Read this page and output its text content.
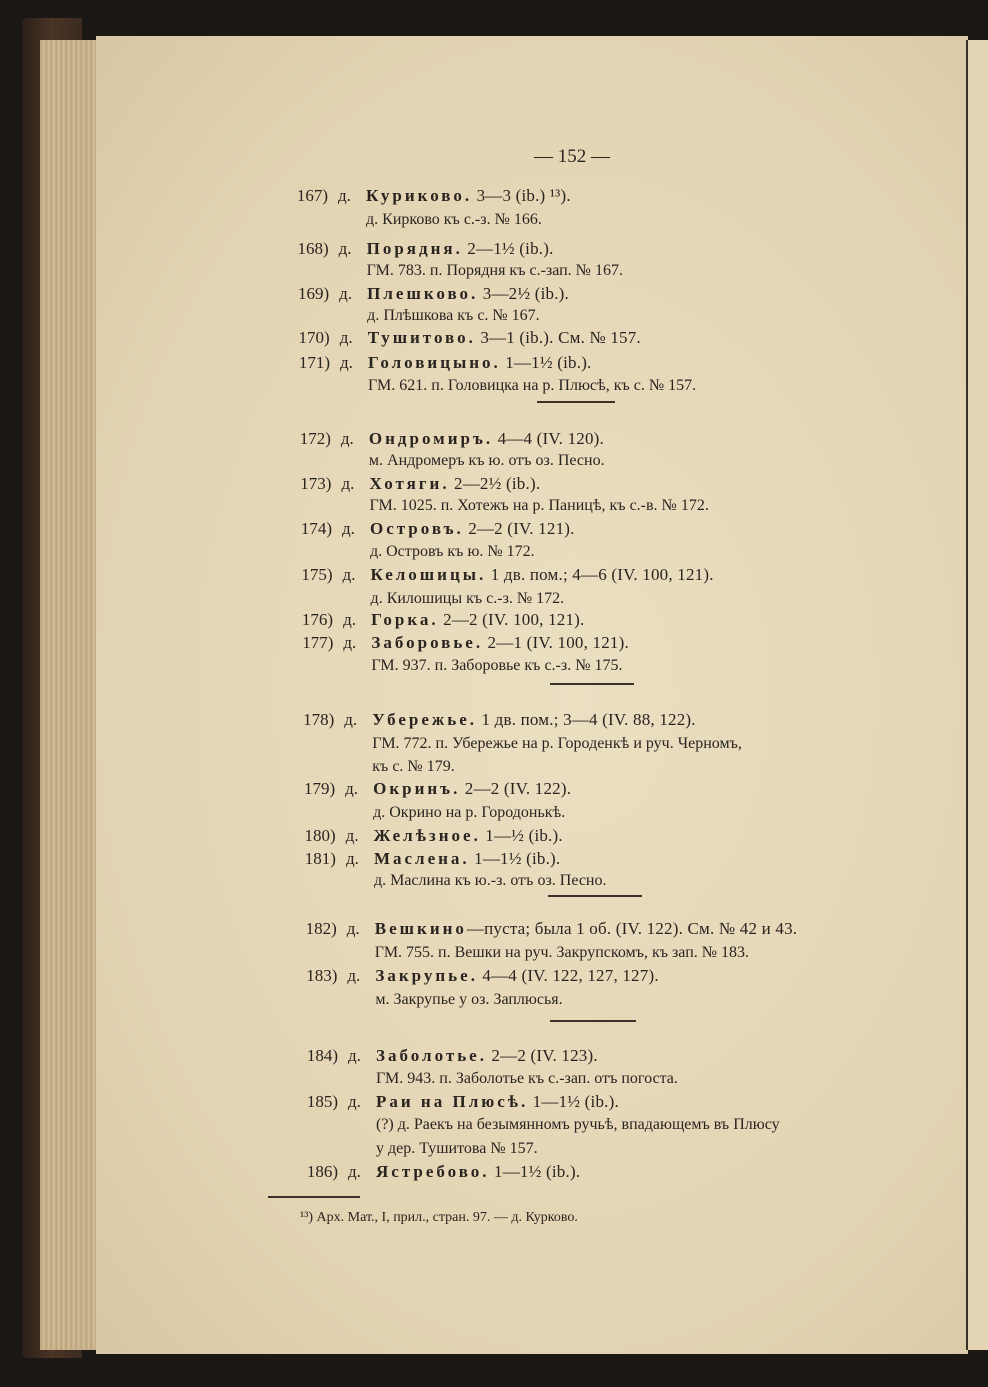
— 152 —
167) д. Куриково. 3—3 (ib.) ¹³).
д. Кирково къ с.-з. № 166.
168) д. Порядня. 2—1½ (ib.).
ГМ. 783. п. Порядня къ с.-зап. № 167.
169) д. Плешково. 3—2½ (ib.).
д. Плѣшкова къ с. № 167.
170) д. Тушитово. 3—1 (ib.). См. № 157.
171) д. Головицыно. 1—1½ (ib.).
ГМ. 621. п. Головицка на р. Плюсѣ, къ с. № 157.
172) д. Ондромиръ. 4—4 (IV. 120).
м. Андромеръ къ ю. отъ оз. Песно.
173) д. Хотяги. 2—2½ (ib.).
ГМ. 1025. п. Хотежъ на р. Паницѣ, къ с.-в. № 172.
174) д. Островъ. 2—2 (IV. 121).
д. Островъ къ ю. № 172.
175) д. Келошицы. 1 дв. пом.; 4—6 (IV. 100, 121).
д. Килошицы къ с.-з. № 172.
176) д. Горка. 2—2 (IV. 100, 121).
177) д. Заборовье. 2—1 (IV. 100, 121).
ГМ. 937. п. Заборовье къ с.-з. № 175.
178) д. Убережье. 1 дв. пом.; 3—4 (IV. 88, 122).
ГМ. 772. п. Убережье на р. Городенкѣ и руч. Черномъ,
къ с. № 179.
179) д. Окринъ. 2—2 (IV. 122).
д. Окрино на р. Городонькѣ.
180) д. Желѣзное. 1—½ (ib.).
181) д. Маслена. 1—1½ (ib.).
д. Маслина къ ю.-з. отъ оз. Песно.
182) д. Вешкино—пуста; была 1 об. (IV. 122). См. № 42 и 43.
ГМ. 755. п. Вешки на руч. Закрупскомъ, къ зап. № 183.
183) д. Закрупье. 4—4 (IV. 122, 127, 127).
м. Закрупье у оз. Заплюсья.
184) д. Заболотье. 2—2 (IV. 123).
ГМ. 943. п. Заболотье къ с.-зап. отъ погоста.
185) д. Раи на Плюсѣ. 1—1½ (ib.).
(?) д. Раекъ на безымянномъ ручьѣ, впадающемъ въ Плюсу
у дер. Тушитова № 157.
186) д. Ястребово. 1—1½ (ib.).
¹³) Арх. Мат., I, прил., стран. 97. — д. Курково.
